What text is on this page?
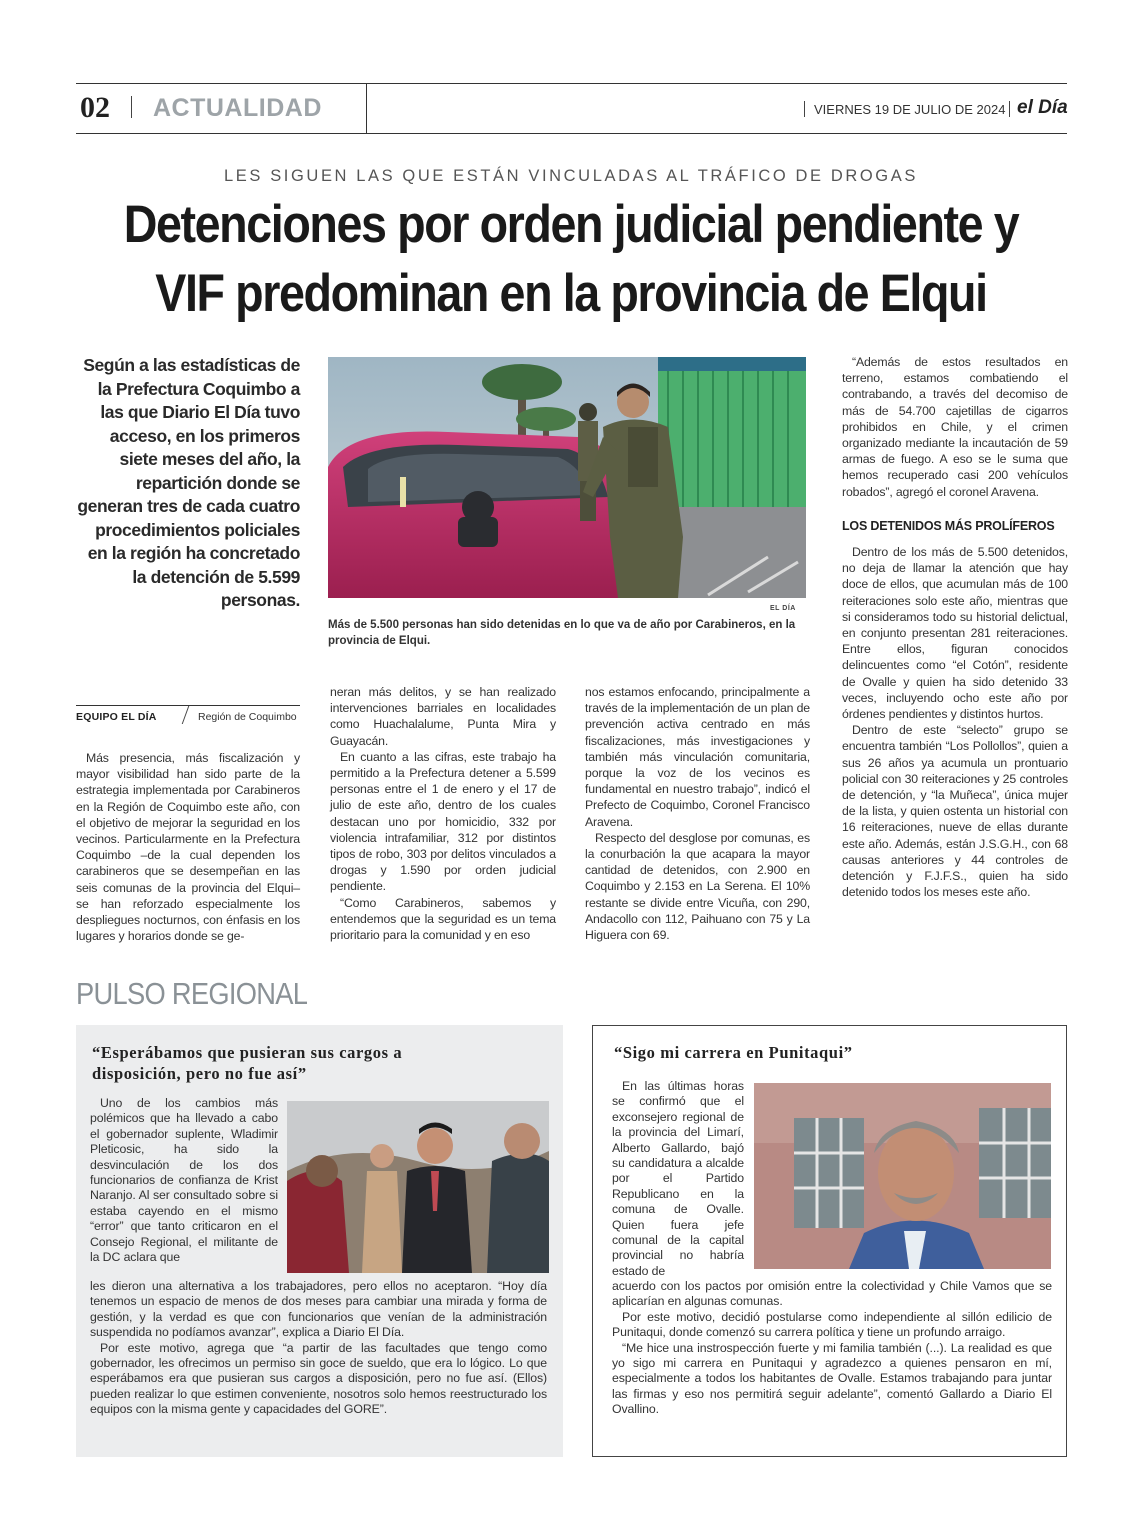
02 ACTUALIDAD	VIERNES 19 DE JULIO DE 2024 el Día
LES SIGUEN LAS QUE ESTÁN VINCULADAS AL TRÁFICO DE DROGAS
Detenciones por orden judicial pendiente y VIF predominan en la provincia de Elqui
Según a las estadísticas de la Prefectura Coquimbo a las que Diario El Día tuvo acceso, en los primeros siete meses del año, la repartición donde se generan tres de cada cuatro procedimientos policiales en la región ha concretado la detención de 5.599 personas.	EL DÍA
Más de 5.500 personas han sido detenidas en lo que va de año por Carabineros, en la provincia de Elqui.
EQUIPO EL DÍA	Región de Coquimbo

Más presencia, más fiscalización y mayor visibilidad han sido parte de la estrategia implementada por Carabineros en la Región de Coquimbo este año, con el objetivo de mejorar la seguridad en los vecinos. Particularmente en la Prefectura Coquimbo –de la cual dependen los carabineros que se desempeñan en las seis comunas de la provincia del Elqui– se han reforzado especialmente los despliegues nocturnos, con énfasis en los lugares y horarios donde se ge-

neran más delitos, y se han realizado intervenciones barriales en localidades como Huachalalume, Punta Mira y Guayacán.

En cuanto a las cifras, este trabajo ha permitido a la Prefectura detener a 5.599 personas entre el 1 de enero y el 17 de julio de este año, dentro de los cuales destacan uno por homicidio, 332 por violencia intrafamiliar, 312 por distintos tipos de robo, 303 por delitos vinculados a drogas y 1.590 por orden judicial pendiente.

“Como Carabineros, sabemos y entendemos que la seguridad es un tema prioritario para la comunidad y en eso

nos estamos enfocando, principalmente a través de la implementación de un plan de prevención activa centrado en más fiscalizaciones, más investigaciones y también más vinculación comunitaria, porque la voz de los vecinos es fundamental en nuestro trabajo”, indicó el Prefecto de Coquimbo, Coronel Francisco Aravena.

Respecto del desglose por comunas, es la conurbación la que acapara la mayor cantidad de detenidos, con 2.900 en Coquimbo y 2.153 en La Serena. El 10% restante se divide entre Vicuña, con 290, Andacollo con 112, Paihuano con 75 y La Higuera con 69.

“Además de estos resultados en terreno, estamos combatiendo el contrabando, a través del decomiso de más de 54.700 cajetillas de cigarros prohibidos en Chile, y el crimen organizado mediante la incautación de 59 armas de fuego. A eso se le suma que hemos recuperado casi 200 vehículos robados”, agregó el coronel Aravena.

LOS DETENIDOS MÁS PROLÍFEROS

Dentro de los más de 5.500 detenidos, no deja de llamar la atención que hay doce de ellos, que acumulan más de 100 reiteraciones solo este año, mientras que si consideramos todo su historial delictual, en conjunto presentan 281 reiteraciones. Entre ellos, figuran conocidos delincuentes como “el Cotón”, residente de Ovalle y quien ha sido detenido 33 veces, incluyendo ocho este año por órdenes pendientes y distintos hurtos.

Dentro de este “selecto” grupo se encuentra también “Los Pollollos”, quien a sus 26 años ya acumula un prontuario policial con 30 reiteraciones y 25 controles de detención, y “la Muñeca”, única mujer de la lista, y quien ostenta un historial con 16 reiteraciones, nueve de ellas durante este año. Además, están J.S.G.H., con 68 causas anteriores y 44 controles de detención y F.J.F.S., quien ha sido detenido todos los meses este año.

PULSO REGIONAL
“Esperábamos que pusieran sus cargos a disposición, pero no fue así”

Uno de los cambios más polémicos que ha llevado a cabo el gobernador suplente, Wladimir Pleticosic, ha sido la desvinculación de los dos funcionarios de confianza de Krist Naranjo. Al ser consultado sobre si estaba cayendo en el mismo “error” que tanto criticaron en el Consejo Regional, el militante de la DC aclara que

les dieron una alternativa a los trabajadores, pero ellos no aceptaron. “Hoy día tenemos un espacio de menos de dos meses para cambiar una mirada y forma de gestión, y la verdad es que con funcionarios que venían de la administración suspendida no podíamos avanzar”, explica a Diario El Día.

Por este motivo, agrega que “a partir de las facultades que tengo como gobernador, les ofrecimos un permiso sin goce de sueldo, que era lo lógico. Lo que esperábamos era que pusieran sus cargos a disposición, pero no fue así. (Ellos) pueden realizar lo que estimen conveniente, nosotros solo hemos reestructurado los equipos con la misma gente y capacidades del GORE”.

“Sigo mi carrera en Punitaqui”

En las últimas horas se confirmó que el exconsejero regional de la provincia del Limarí, Alberto Gallardo, bajó su candidatura a alcalde por el Partido Republicano en la comuna de Ovalle. Quien fuera jefe comunal de la capital provincial no habría estado de

acuerdo con los pactos por omisión entre la colectividad y Chile Vamos que se aplicarían en algunas comunas.

Por este motivo, decidió postularse como independiente al sillón edilicio de Punitaqui, donde comenzó su carrera política y tiene un profundo arraigo.

“Me hice una instrospección fuerte y mi familia también (...). La realidad es que yo sigo mi carrera en Punitaqui y agradezco a quienes pensaron en mí, especialmente a todos los habitantes de Ovalle. Estamos trabajando para juntar las firmas y eso nos permitirá seguir adelante”, comentó Gallardo a Diario El Ovallino.
